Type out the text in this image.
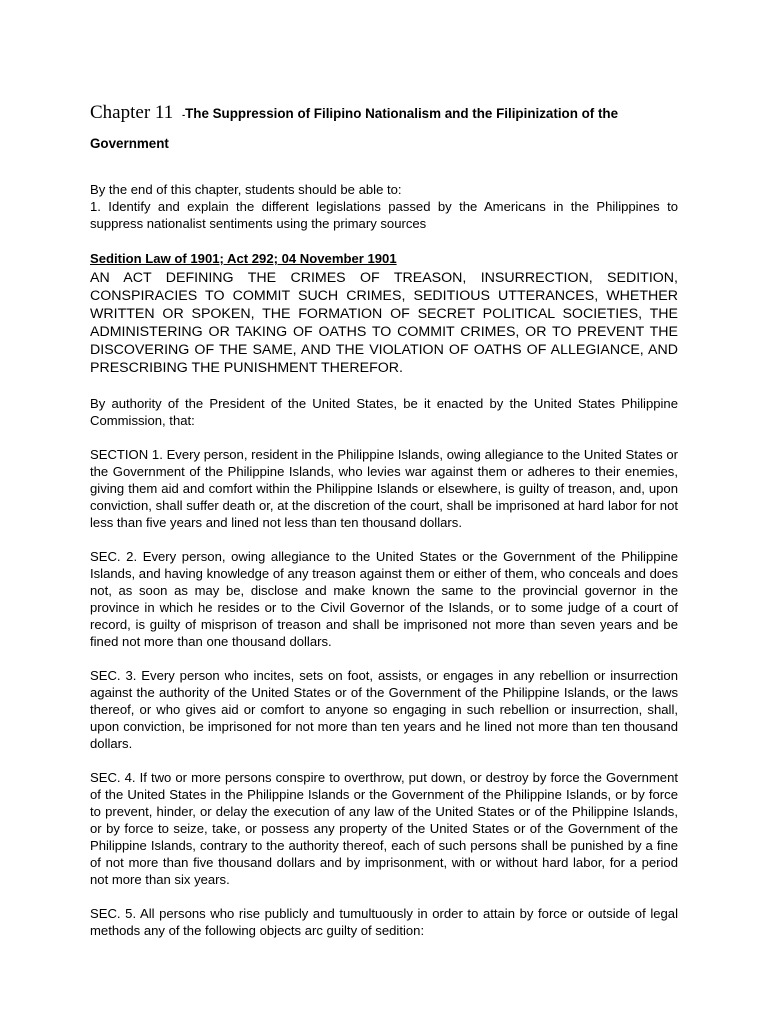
Chapter 11 -The Suppression of Filipino Nationalism and the Filipinization of the Government
By the end of this chapter, students should be able to:
1. Identify and explain the different legislations passed by the Americans in the Philippines to suppress nationalist sentiments using the primary sources
Sedition Law of 1901; Act 292; 04 November 1901
AN ACT DEFINING THE CRIMES OF TREASON, INSURRECTION, SEDITION, CONSPIRACIES TO COMMIT SUCH CRIMES, SEDITIOUS UTTERANCES, WHETHER WRITTEN OR SPOKEN, THE FORMATION OF SECRET POLITICAL SOCIETIES, THE ADMINISTERING OR TAKING OF OATHS TO COMMIT CRIMES, OR TO PREVENT THE DISCOVERING OF THE SAME, AND THE VIOLATION OF OATHS OF ALLEGIANCE, AND PRESCRIBING THE PUNISHMENT THEREFOR.

By authority of the President of the United States, be it enacted by the United States Philippine Commission, that:

SECTION 1. Every person, resident in the Philippine Islands, owing allegiance to the United States or the Government of the Philippine Islands, who levies war against them or adheres to their enemies, giving them aid and comfort within the Philippine Islands or elsewhere, is guilty of treason, and, upon conviction, shall suffer death or, at the discretion of the court, shall be imprisoned at hard labor for not less than five years and lined not less than ten thousand dollars.

SEC. 2. Every person, owing allegiance to the United States or the Government of the Philippine Islands, and having knowledge of any treason against them or either of them, who conceals and does not, as soon as may be, disclose and make known the same to the provincial governor in the province in which he resides or to the Civil Governor of the Islands, or to some judge of a court of record, is guilty of misprison of treason and shall be imprisoned not more than seven years and be fined not more than one thousand dollars.

SEC. 3. Every person who incites, sets on foot, assists, or engages in any rebellion or insurrection against the authority of the United States or of the Government of the Philippine Islands, or the laws thereof, or who gives aid or comfort to anyone so engaging in such rebellion or insurrection, shall, upon conviction, be imprisoned for not more than ten years and he lined not more than ten thousand dollars.

SEC. 4. If two or more persons conspire to overthrow, put down, or destroy by force the Government of the United States in the Philippine Islands or the Government of the Philippine Islands, or by force to prevent, hinder, or delay the execution of any law of the United States or of the Philippine Islands, or by force to seize, take, or possess any property of the United States or of the Government of the Philippine Islands, contrary to the authority thereof, each of such persons shall be punished by a fine of not more than five thousand dollars and by imprisonment, with or without hard labor, for a period not more than six years.

SEC. 5. All persons who rise publicly and tumultuously in order to attain by force or outside of legal methods any of the following objects arc guilty of sedition:
